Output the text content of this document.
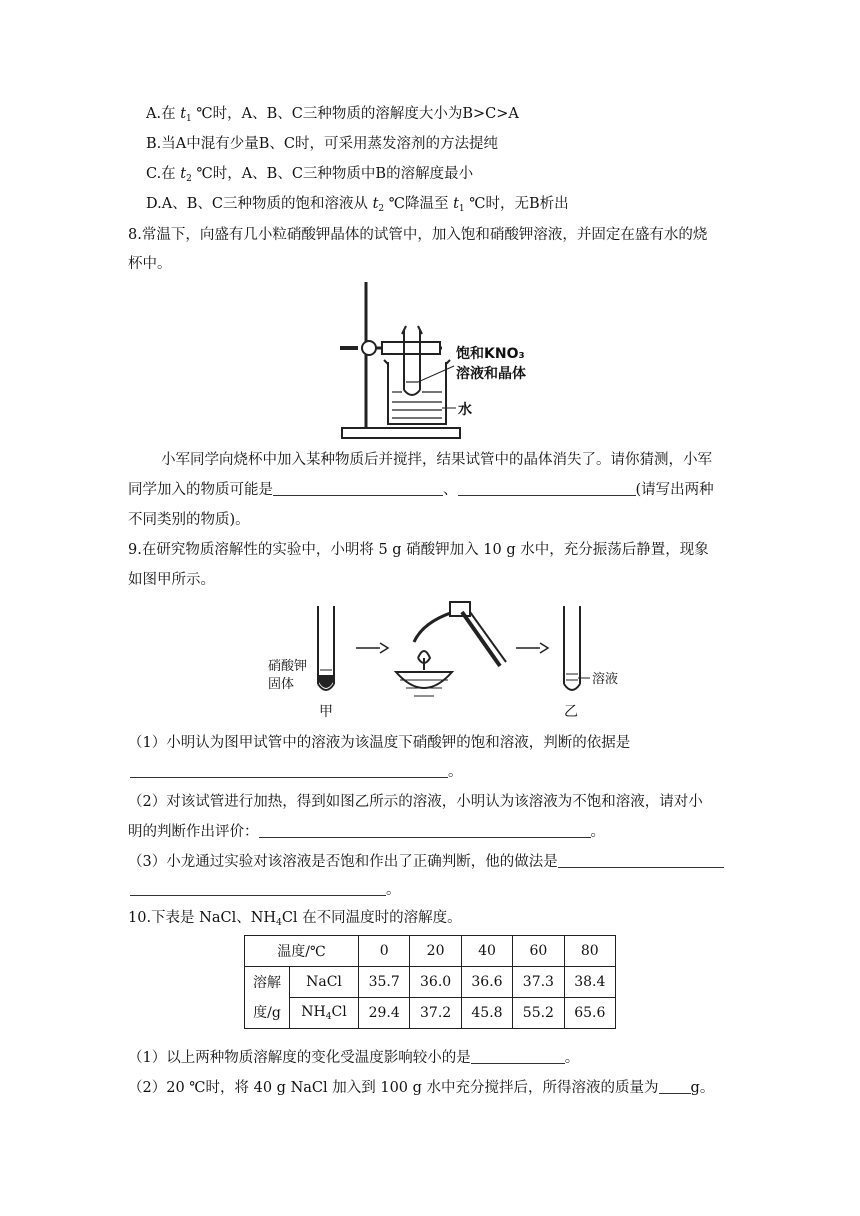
A.在 $t_1$ ℃时，A、B、C三种物质的溶解度大小为B>C>A
B.当A中混有少量B、C时，可采用蒸发溶剂的方法提纯
C.在 $t_2$ ℃时，A、B、C三种物质中B的溶解度最小
D.A、B、C三种物质的饱和溶液从 $t_2$ ℃降温至 $t_1$ ℃时，无B析出
8.常温下，向盛有几小粒硝酸钾晶体的试管中，加入饱和硝酸钾溶液，并固定在盛有水的烧
杯中。
饱和KNO₃
溶液和晶体
水
小军同学向烧杯中加入某种物质后并搅拌，结果试管中的晶体消失了。请你猜测，小军
同学加入的物质可能是	、	(请写出两种
不同类别的物质)。
9.在研究物质溶解性的实验中，小明将 5 g 硝酸钾加入 10 g 水中，充分振荡后静置，现象
如图甲所示。
硝酸钾
固体
甲
溶液
乙
（1）小明认为图甲试管中的溶液为该温度下硝酸钾的饱和溶液，判断的依据是
。
（2）对该试管进行加热，得到如图乙所示的溶液，小明认为该溶液为不饱和溶液，请对小
明的判断作出评价：	。
（3）小龙通过实验对该溶液是否饱和作出了正确判断，他的做法是
。
10.下表是 NaCl、$NH_4Cl$ 在不同温度时的溶解度。
温度/℃		0	20	40	60	80
溶解
度/g	NaCl	35.7	36.0	36.6	37.3	38.4
	$NH_4Cl$	29.4	37.2	45.8	55.2	65.6
（1）以上两种物质溶解度的变化受温度影响较小的是	。
（2）20 ℃时，将 40 g NaCl 加入到 100 g 水中充分搅拌后，所得溶液的质量为 g。
